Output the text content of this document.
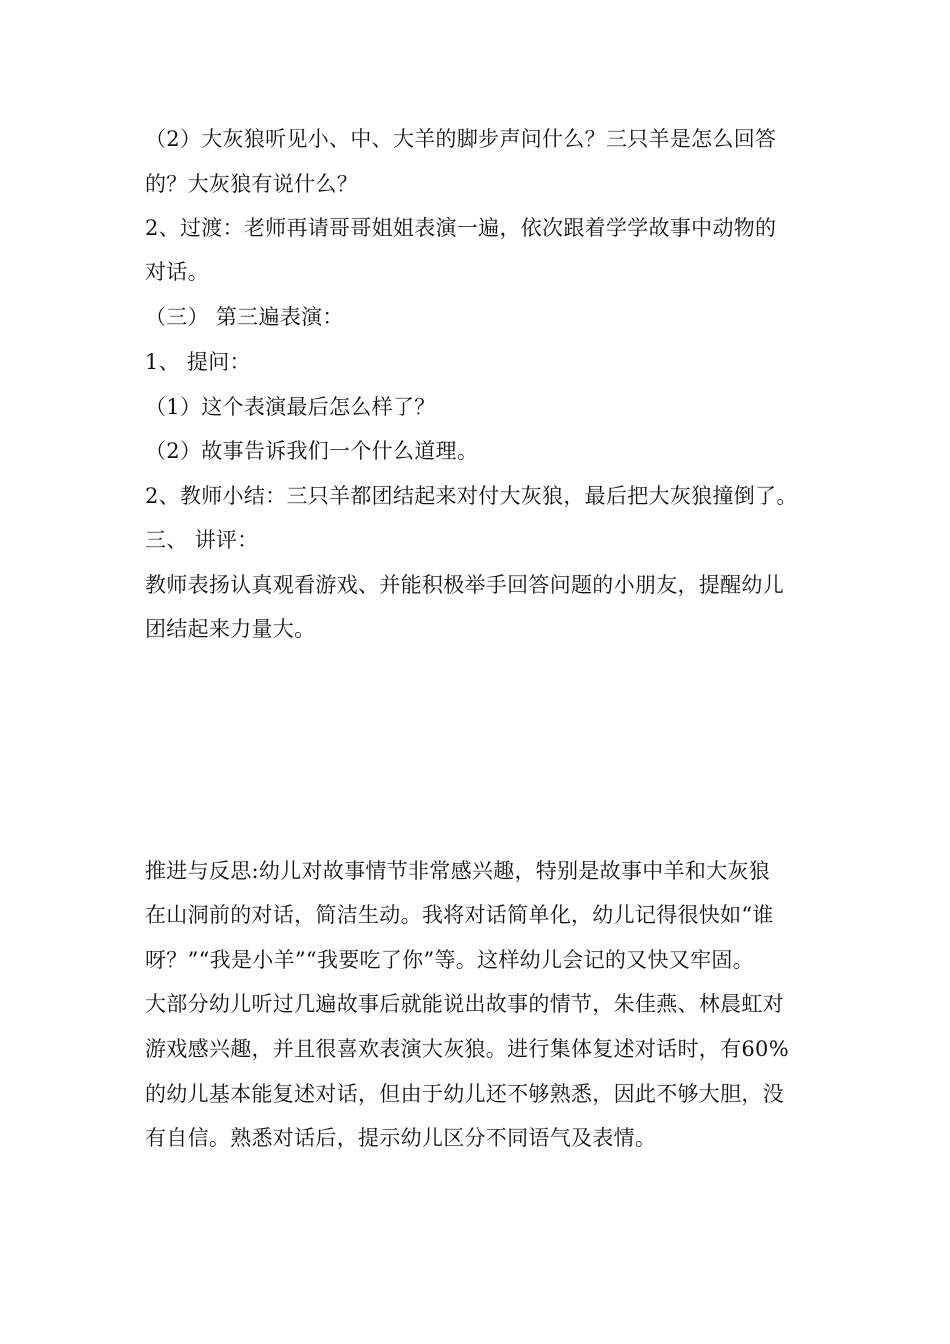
（2）大灰狼听见小、中、大羊的脚步声问什么？三只羊是怎么回答
的？大灰狼有说什么？
2、过渡：老师再请哥哥姐姐表演一遍，依次跟着学学故事中动物的
对话。
（三） 第三遍表演：
1、 提问：
（1）这个表演最后怎么样了？
（2）故事告诉我们一个什么道理。
2、教师小结：三只羊都团结起来对付大灰狼，最后把大灰狼撞倒了。
三、 讲评：
教师表扬认真观看游戏、并能积极举手回答问题的小朋友，提醒幼儿
团结起来力量大。
推进与反思:幼儿对故事情节非常感兴趣，特别是故事中羊和大灰狼
在山洞前的对话，简洁生动。我将对话简单化，幼儿记得很快如“谁
呀？”“我是小羊”“我要吃了你”等。这样幼儿会记的又快又牢固。
大部分幼儿听过几遍故事后就能说出故事的情节，朱佳燕、林晨虹对
游戏感兴趣，并且很喜欢表演大灰狼。进行集体复述对话时，有60%
的幼儿基本能复述对话，但由于幼儿还不够熟悉，因此不够大胆，没
有自信。熟悉对话后，提示幼儿区分不同语气及表情。
